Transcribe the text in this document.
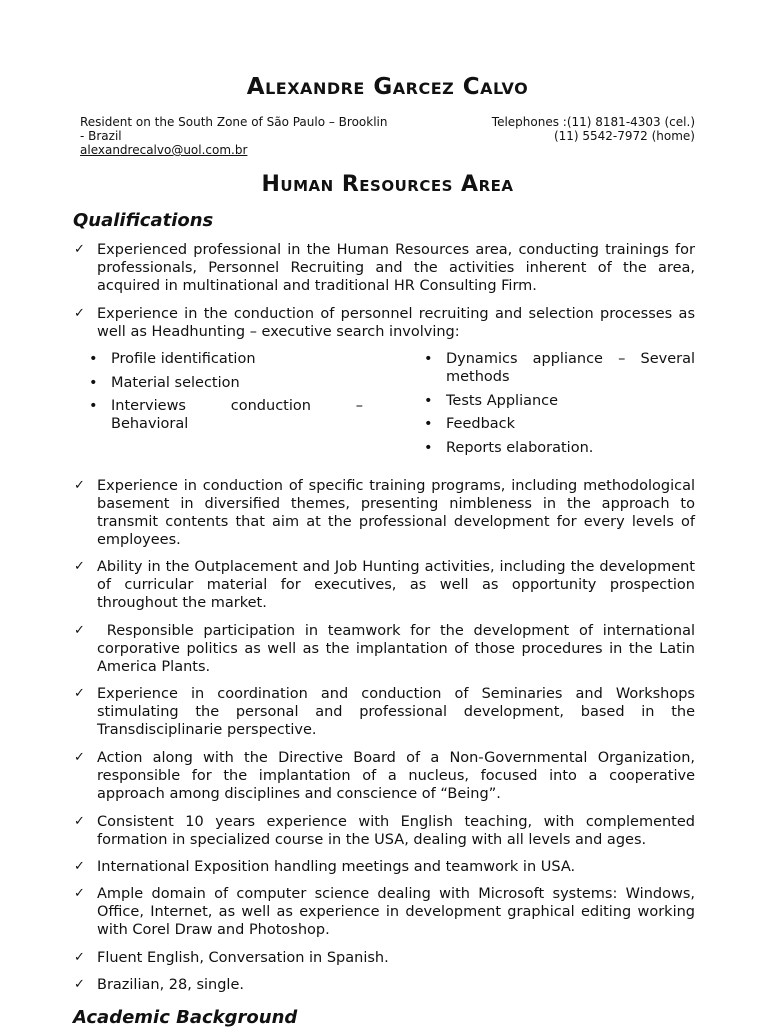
Alexandre Garcez Calvo
Resident on the South Zone of São Paulo – Brooklin
- Brazil
alexandrecalvo@uol.com.br
Telephones :(11) 8181-4303 (cel.)
(11) 5542-7972 (home)
Human Resources Area
Qualifications
✓ Experienced professional in the Human Resources area, conducting trainings for professionals, Personnel Recruiting and the activities inherent of the area, acquired in multinational and traditional HR Consulting Firm.
✓ Experience in the conduction of personnel recruiting and selection processes as well as Headhunting – executive search involving:
• Profile identification
• Material selection
• Interviews conduction – Behavioral
• Dynamics appliance – Several methods
• Tests Appliance
• Feedback
• Reports elaboration.
✓ Experience in conduction of specific training programs, including methodological basement in diversified themes, presenting nimbleness in the approach to transmit contents that aim at the professional development for every levels of employees.
✓ Ability in the Outplacement and Job Hunting activities, including the development of curricular material for executives, as well as opportunity prospection throughout the market.
✓ Responsible participation in teamwork for the development of international corporative politics as well as the implantation of those procedures in the Latin America Plants.
✓ Experience in coordination and conduction of Seminaries and Workshops stimulating the personal and professional development, based in the Transdisciplinarie perspective.
✓ Action along with the Directive Board of a Non-Governmental Organization, responsible for the implantation of a nucleus, focused into a cooperative approach among disciplines and conscience of “Being”.
✓ Consistent 10 years experience with English teaching, with complemented formation in specialized course in the USA, dealing with all levels and ages.
✓ International Exposition handling meetings and teamwork in USA.
✓ Ample domain of computer science dealing with Microsoft systems: Windows, Office, Internet, as well as experience in development graphical editing working with Corel Draw and Photoshop.
✓ Fluent English, Conversation in Spanish.
✓ Brazilian, 28, single.
Academic Background
